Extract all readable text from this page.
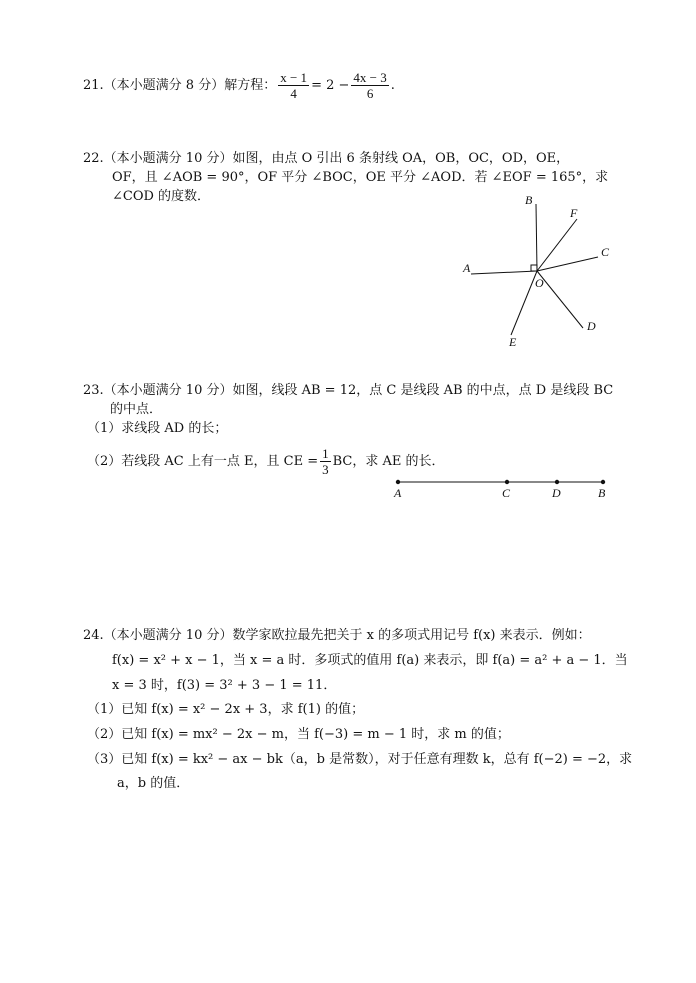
21.（本小题满分 8 分）解方程： $\frac{x - 1}{4} = 2 - \frac{4x - 3}{6}$ .
22.（本小题满分 10 分）如图，由点 O 引出 6 条射线 OA，OB，OC，OD，OE，
OF，且 ∠AOB = 90°，OF 平分 ∠BOC，OE 平分 ∠AOD．若 ∠EOF = 165°，求
∠COD 的度数．
A
B
C
D
E
F
O
23.（本小题满分 10 分）如图，线段 AB = 12，点 C 是线段 AB 的中点，点 D 是线段 BC
的中点．
（1）求线段 AD 的长；
（2）若线段 AC 上有一点 E，且 CE = $\frac{1}{3}$ BC，求 AE 的长．
A	C	D	B
24.（本小题满分 10 分）数学家欧拉最先把关于 x 的多项式用记号 f(x) 来表示．例如：
f(x) = x² + x − 1，当 x = a 时．多项式的值用 f(a) 来表示，即 f(a) = a² + a − 1．当
x = 3 时，f(3) = 3² + 3 − 1 = 11．
（1）已知 f(x) = x² − 2x + 3，求 f(1) 的值；
（2）已知 f(x) = mx² − 2x − m，当 f(−3) = m − 1 时，求 m 的值；
（3）已知 f(x) = kx² − ax − bk（a，b 是常数），对于任意有理数 k，总有 f(−2) = −2，求
a，b 的值．
